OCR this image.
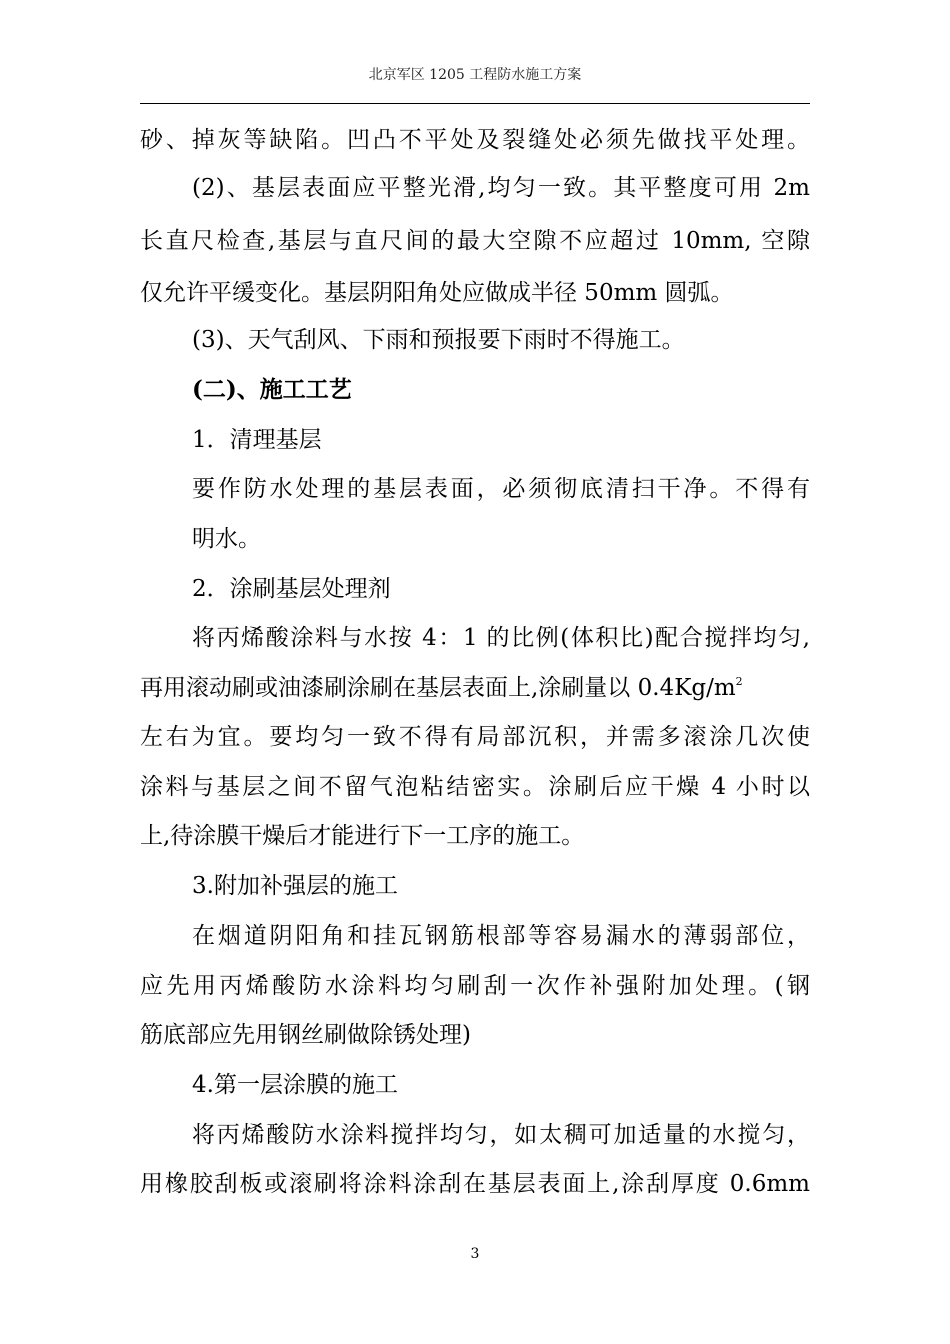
北京军区 1205 工程防水施工方案
砂、掉灰等缺陷。凹凸不平处及裂缝处必须先做找平处理。
(2)、基层表面应平整光滑,均匀一致。其平整度可用 2m
长直尺检查,基层与直尺间的最大空隙不应超过 10mm, 空隙
仅允许平缓变化。基层阴阳角处应做成半径 50mm 圆弧。
(3)、天气刮风、下雨和预报要下雨时不得施工。
(二)、施工工艺
1．清理基层
要作防水处理的基层表面，必须彻底清扫干净。不得有
明水。
2．涂刷基层处理剂
将丙烯酸涂料与水按 4：1 的比例(体积比)配合搅拌均匀,
再用滚动刷或油漆刷涂刷在基层表面上,涂刷量以 $0.4Kg/m^2$
左右为宜。要均匀一致不得有局部沉积，并需多滚涂几次使
涂料与基层之间不留气泡粘结密实。涂刷后应干燥 4 小时以
上,待涂膜干燥后才能进行下一工序的施工。
3.附加补强层的施工
在烟道阴阳角和挂瓦钢筋根部等容易漏水的薄弱部位，
应先用丙烯酸防水涂料均匀刷刮一次作补强附加处理。(钢
筋底部应先用钢丝刷做除锈处理)
4.第一层涂膜的施工
将丙烯酸防水涂料搅拌均匀，如太稠可加适量的水搅匀，
用橡胶刮板或滚刷将涂料涂刮在基层表面上,涂刮厚度 0.6mm
3
